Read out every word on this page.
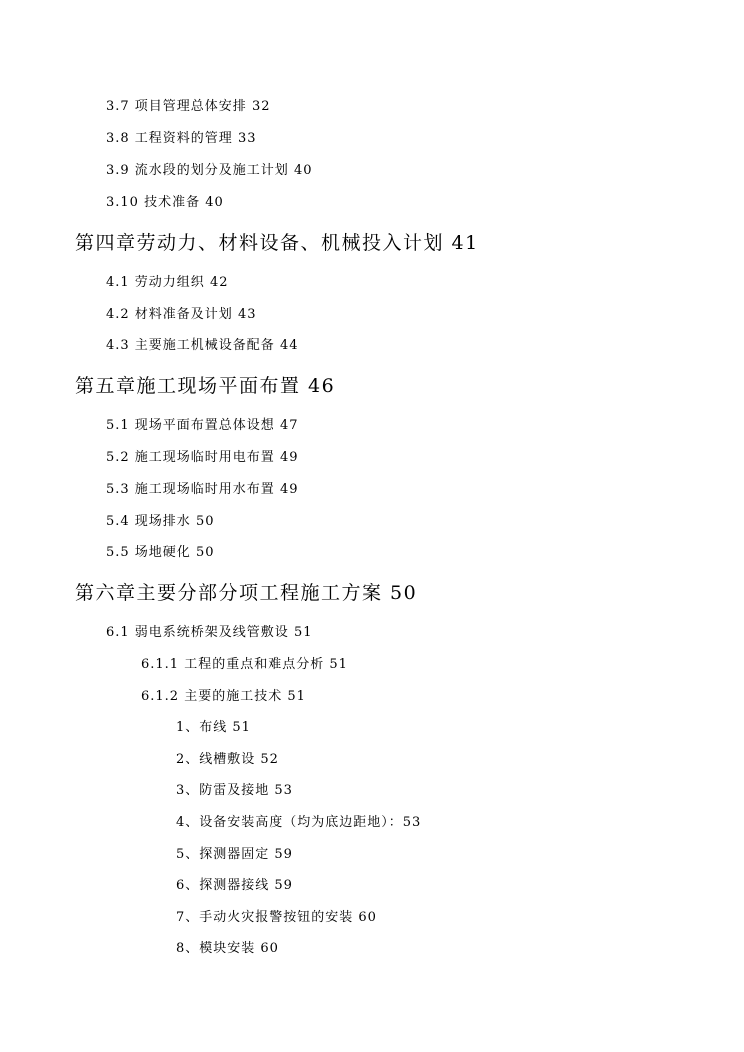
3.7 项目管理总体安排 32
3.8 工程资料的管理 33
3.9 流水段的划分及施工计划 40
3.10 技术准备 40
第四章劳动力、材料设备、机械投入计划 41
4.1 劳动力组织 42
4.2 材料准备及计划 43
4.3 主要施工机械设备配备 44
第五章施工现场平面布置 46
5.1 现场平面布置总体设想 47
5.2 施工现场临时用电布置 49
5.3 施工现场临时用水布置 49
5.4 现场排水 50
5.5 场地硬化 50
第六章主要分部分项工程施工方案 50
6.1 弱电系统桥架及线管敷设 51
6.1.1 工程的重点和难点分析 51
6.1.2 主要的施工技术 51
1、布线 51
2、线槽敷设 52
3、防雷及接地 53
4、设备安装高度（均为底边距地）：53
5、探测器固定 59
6、探测器接线 59
7、手动火灾报警按钮的安装 60
8、模块安装 60
